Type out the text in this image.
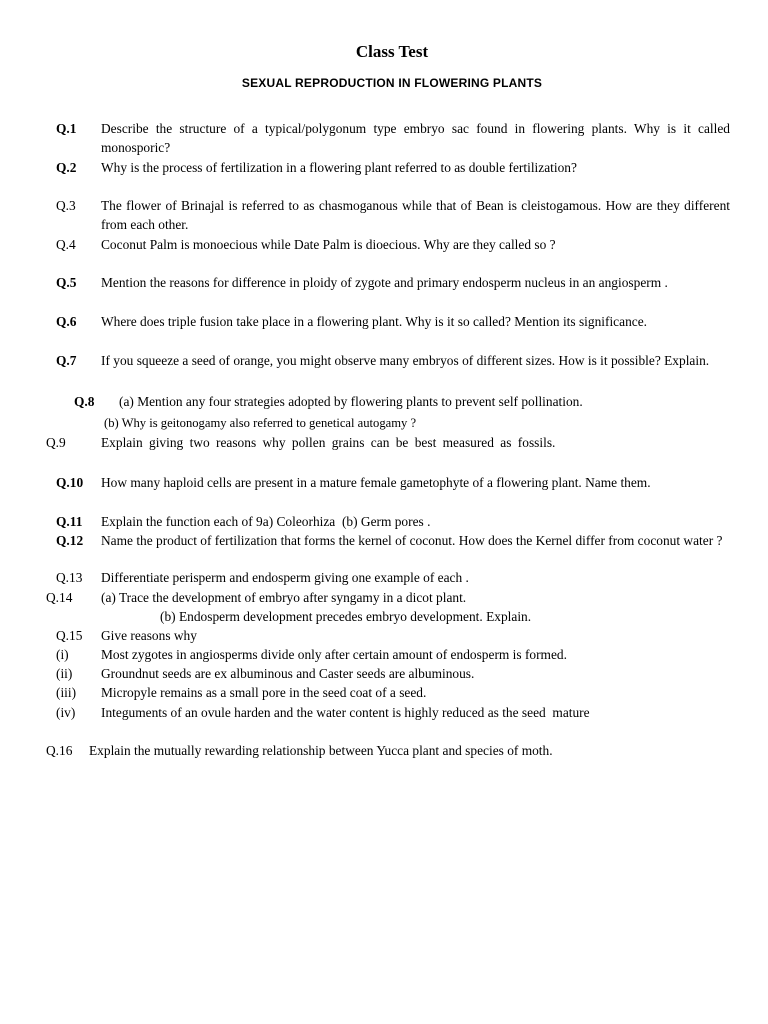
Class Test
SEXUAL REPRODUCTION IN FLOWERING PLANTS
Q.1 Describe the structure of a typical/polygonum type embryo sac found in flowering plants. Why is it called monosporic?
Q.2 Why is the process of fertilization in a flowering plant referred to as double fertilization?
Q.3 The flower of Brinajal is referred to as chasmoganous while that of Bean is cleistogamous. How are they different from each other.
Q.4 Coconut Palm is monoecious while Date Palm is dioecious. Why are they called so ?
Q.5 Mention the reasons for difference in ploidy of zygote and primary endosperm nucleus in an angiosperm .
Q.6 Where does triple fusion take place in a flowering plant. Why is it so called? Mention its significance.
Q.7 If you squeeze a seed of orange, you might observe many embryos of different sizes. How is it possible? Explain.
Q.8 (a) Mention any four strategies adopted by flowering plants to prevent self pollination.
(b) Why is geitonogamy also referred to genetical autogamy ?
Q.9	Explain giving two reasons why pollen grains can be best measured as fossils.
Q.10 How many haploid cells are present in a mature female gametophyte of a flowering plant. Name them.
Q.11 Explain the function each of 9a) Coleorhiza  (b) Germ pores .
Q.12 Name the product of fertilization that forms the kernel of coconut. How does the Kernel differ from coconut water ?
Q.13 Differentiate perisperm and endosperm giving one example of each .
Q.14 (a) Trace the development of embryo after syngamy in a dicot plant.
(b) Endosperm development precedes embryo development. Explain.
Q.15 Give reasons why
(i) Most zygotes in angiosperms divide only after certain amount of endosperm is formed.
(ii) Groundnut seeds are ex albuminous and Caster seeds are albuminous.
(iii) Micropyle remains as a small pore in the seed coat of a seed.
(iv) Integuments of an ovule harden and the water content is highly reduced as the seed  mature
Q.16 Explain the mutually rewarding relationship between Yucca plant and species of moth.
